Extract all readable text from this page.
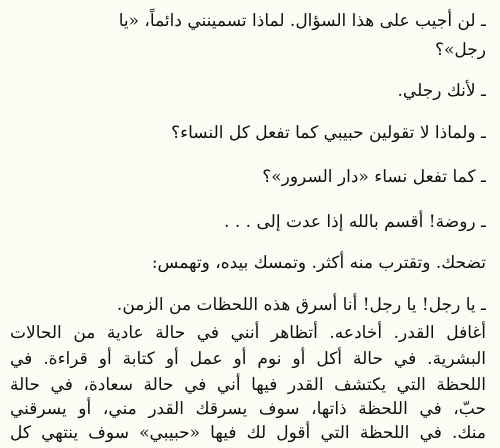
ـ لن أجيب على هذا السؤال. لماذا تسمينني دائماً، «يا
رجل»؟
ـ لأنك رجلي.
ـ ولماذا لا تقولين حبيبي كما تفعل كل النساء؟
ـ كما تفعل نساء «دار السرور»؟
ـ روضة! أقسم بالله إذا عدت إلى . . .
تضحك. وتقترب منه أكثر. وتمسك بيده، وتهمس:
ـ يا رجل! يا رجل! أنا أسرق هذه اللحظات من الزمن.
أغافل القدر. أخادعه. أتظاهر أنني في حالة عادية من الحالات
البشرية. في حالة أكل أو نوم أو عمل أو كتابة أو قراءة. في
اللحظة التي يكتشف القدر فيها أني في حالة سعادة، في حالة
حبّ، في اللحظة ذاتها، سوف يسرقك القدر مني، أو يسرقني
منك. في اللحظة التي أقول لك فيها «حبيبي» سوف ينتهي كل
